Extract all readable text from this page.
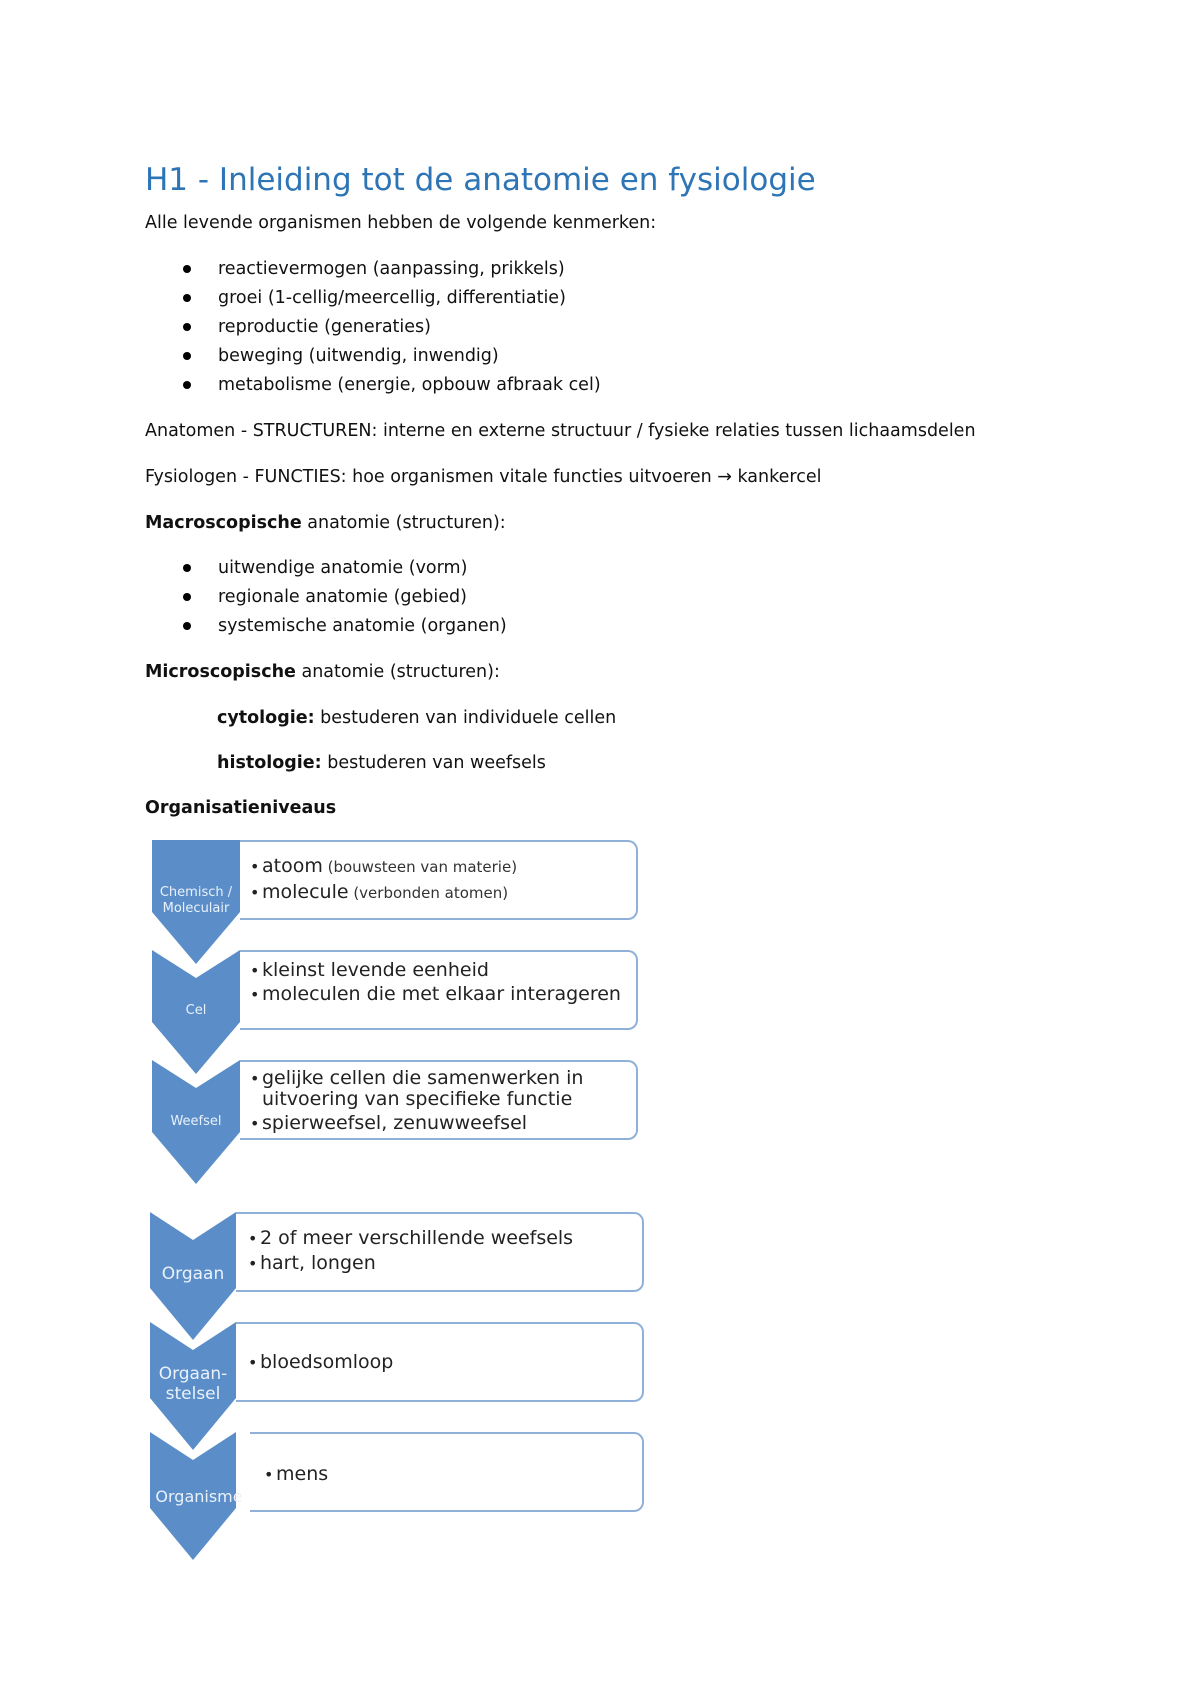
H1 - Inleiding tot de anatomie en fysiologie
Alle levende organismen hebben de volgende kenmerken:
reactievermogen (aanpassing, prikkels)
groei (1-cellig/meercellig, differentiatie)
reproductie (generaties)
beweging (uitwendig, inwendig)
metabolisme (energie, opbouw afbraak cel)
Anatomen - STRUCTUREN: interne en externe structuur / fysieke relaties tussen lichaamsdelen
Fysiologen - FUNCTIES: hoe organismen vitale functies uitvoeren → kankercel
Macroscopische anatomie (structuren):
uitwendige anatomie (vorm)
regionale anatomie (gebied)
systemische anatomie (organen)
Microscopische anatomie (structuren):
cytologie: bestuderen van individuele cellen
histologie: bestuderen van weefsels
Organisatieniveaus
Chemisch / Moleculair
Cel
Weefsel
Orgaan
Orgaan-stelsel
Organisme
• atoom (bouwsteen van materie)
• molecule (verbonden atomen)
• kleinst levende eenheid
• moleculen die met elkaar interageren
• gelijke cellen die samenwerken in uitvoering van specifieke functie
• spierweefsel, zenuwweefsel
• 2 of meer verschillende weefsels
• hart, longen
• bloedsomloop
• mens
